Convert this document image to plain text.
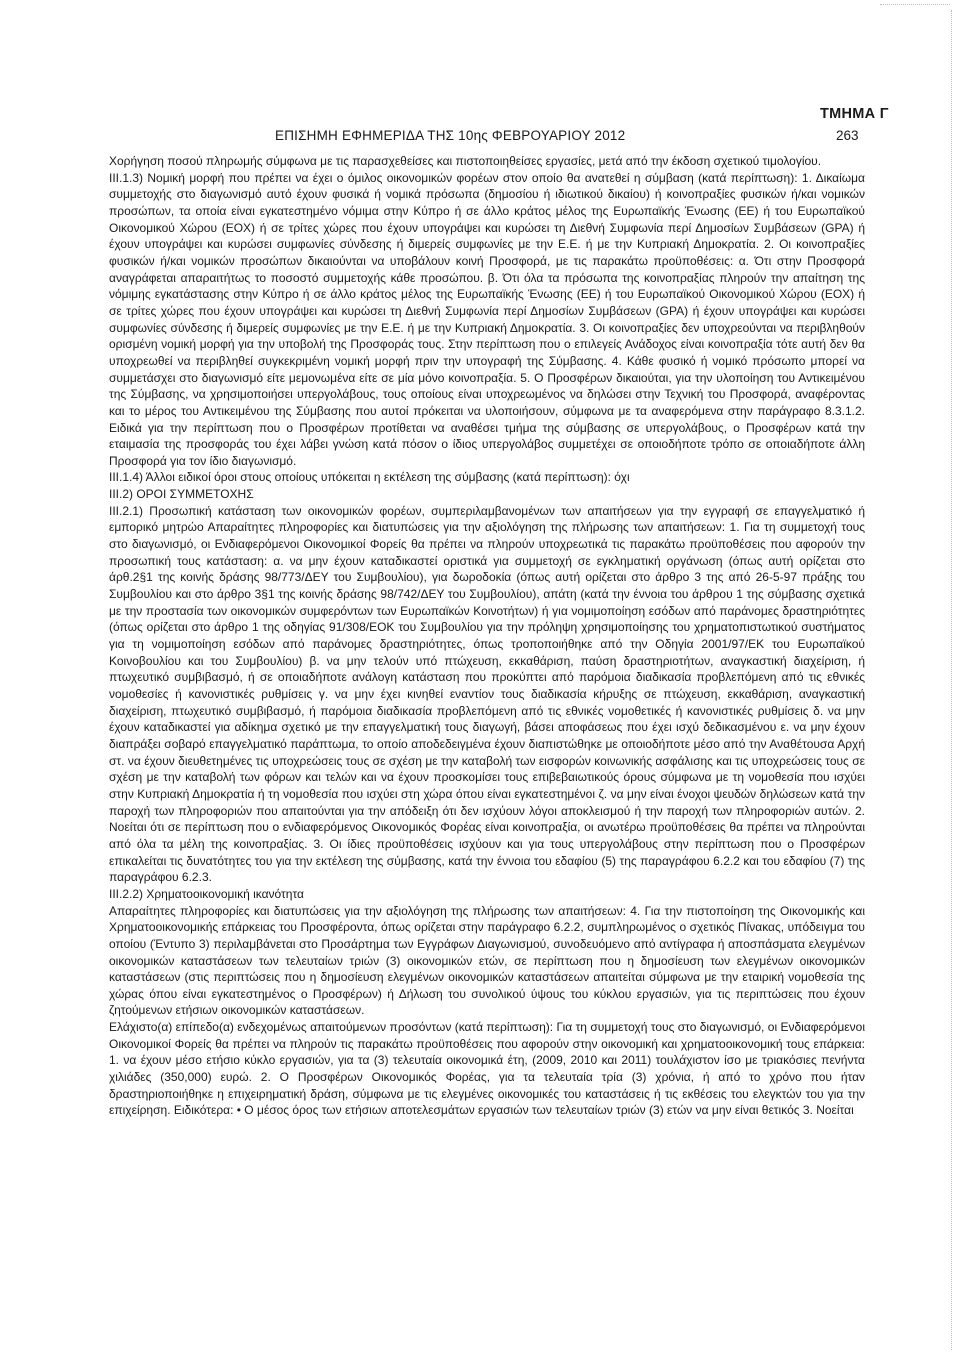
ΤΜΗΜΑ Γ
ΕΠΙΣΗΜΗ ΕΦΗΜΕΡΙΔΑ ΤΗΣ 10ης ΦΕΒΡΟΥΑΡΙΟΥ 2012	263

Χορήγηση ποσού πληρωμής σύμφωνα με τις παρασχεθείσες και πιστοποιηθείσες εργασίες, μετά από την έκδοση σχετικού τιμολογίου.

ΙΙΙ.1.3) Νομική μορφή που πρέπει να έχει ο όμιλος οικονομικών φορέων στον οποίο θα ανατεθεί η σύμβαση (κατά περίπτωση): 1. Δικαίωμα συμμετοχής στο διαγωνισμό αυτό έχουν φυσικά ή νομικά πρόσωπα (δημοσίου ή ιδιωτικού δικαίου) ή κοινοπραξίες φυσικών ή/και νομικών προσώπων, τα οποία είναι εγκατεστημένο νόμιμα στην Κύπρο ή σε άλλο κράτος μέλος της Ευρωπαϊκής Ένωσης (ΕΕ) ή του Ευρωπαϊκού Οικονομικού Χώρου (ΕΟΧ) ή σε τρίτες χώρες που έχουν υπογράψει και κυρώσει τη Διεθνή Συμφωνία περί Δημοσίων Συμβάσεων (GPA) ή έχουν υπογράψει και κυρώσει συμφωνίες σύνδεσης ή διμερείς συμφωνίες με την Ε.Ε. ή με την Κυπριακή Δημοκρατία. 2. Οι κοινοπραξίες φυσικών ή/και νομικών προσώπων δικαιούνται να υποβάλουν κοινή Προσφορά, με τις παρακάτω προϋποθέσεις: α. Ότι στην Προσφορά αναγράφεται απαραιτήτως το ποσοστό συμμετοχής κάθε προσώπου. β. Ότι όλα τα πρόσωπα της κοινοπραξίας πληρούν την απαίτηση της νόμιμης εγκατάστασης στην Κύπρο ή σε άλλο κράτος μέλος της Ευρωπαϊκής Ένωσης (ΕΕ) ή του Ευρωπαϊκού Οικονομικού Χώρου (ΕΟΧ) ή σε τρίτες χώρες που έχουν υπογράψει και κυρώσει τη Διεθνή Συμφωνία περί Δημοσίων Συμβάσεων (GPA) ή έχουν υπογράψει και κυρώσει συμφωνίες σύνδεσης ή διμερείς συμφωνίες με την Ε.Ε. ή με την Κυπριακή Δημοκρατία. 3. Οι κοινοπραξίες δεν υποχρεούνται να περιβληθούν ορισμένη νομική μορφή για την υποβολή της Προσφοράς τους. Στην περίπτωση που ο επιλεγείς Ανάδοχος είναι κοινοπραξία τότε αυτή δεν θα υποχρεωθεί να περιβληθεί συγκεκριμένη νομική μορφή πριν την υπογραφή της Σύμβασης. 4. Κάθε φυσικό ή νομικό πρόσωπο μπορεί να συμμετάσχει στο διαγωνισμό είτε μεμονωμένα είτε σε μία μόνο κοινοπραξία. 5. Ο Προσφέρων δικαιούται, για την υλοποίηση του Αντικειμένου της Σύμβασης, να χρησιμοποιήσει υπεργολάβους, τους οποίους είναι υποχρεωμένος να δηλώσει στην Τεχνική του Προσφορά, αναφέροντας και το μέρος του Αντικειμένου της Σύμβασης που αυτοί πρόκειται να υλοποιήσουν, σύμφωνα με τα αναφερόμενα στην παράγραφο 8.3.1.2. Ειδικά για την περίπτωση που ο Προσφέρων προτίθεται να αναθέσει τμήμα της σύμβασης σε υπεργολάβους, ο Προσφέρων κατά την εταιμασία της προσφοράς του έχει λάβει γνώση κατά πόσον ο ίδιος υπεργολάβος συμμετέχει σε οποιοδήποτε τρόπο σε οποιαδήποτε άλλη Προσφορά για τον ίδιο διαγωνισμό.

ΙΙΙ.1.4) Άλλοι ειδικοί όροι στους οποίους υπόκειται η εκτέλεση της σύμβασης (κατά περίπτωση): όχι

ΙΙΙ.2) ΟΡΟΙ ΣΥΜΜΕΤΟΧΗΣ

ΙΙΙ.2.1) Προσωπική κατάσταση των οικονομικών φορέων, συμπεριλαμβανομένων των απαιτήσεων για την εγγραφή σε επαγγελματικό ή εμπορικό μητρώο Απαραίτητες πληροφορίες και διατυπώσεις για την αξιολόγηση της πλήρωσης των απαιτήσεων: 1. Για τη συμμετοχή τους στο διαγωνισμό, οι Ενδιαφερόμενοι Οικονομικοί Φορείς θα πρέπει να πληρούν υποχρεωτικά τις παρακάτω προϋποθέσεις που αφορούν την προσωπική τους κατάσταση: α. να μην έχουν καταδικαστεί οριστικά για συμμετοχή σε εγκληματική οργάνωση (όπως αυτή ορίζεται στο άρθ.2§1 της κοινής δράσης 98/773/ΔΕΥ του Συμβουλίου), για δωροδοκία (όπως αυτή ορίζεται στο άρθρο 3 της από 26-5-97 πράξης του Συμβουλίου και στο άρθρο 3§1 της κοινής δράσης 98/742/ΔΕΥ του Συμβουλίου), απάτη (κατά την έννοια του άρθρου 1 της σύμβασης σχετικά με την προστασία των οικονομικών συμφερόντων των Ευρωπαϊκών Κοινοτήτων) ή για νομιμοποίηση εσόδων από παράνομες δραστηριότητες (όπως ορίζεται στο άρθρο 1 της οδηγίας 91/308/ΕΟΚ του Συμβουλίου για την πρόληψη χρησιμοποίησης του χρηματοπιστωτικού συστήματος για τη νομιμοποίηση εσόδων από παράνομες δραστηριότητες, όπως τροποποιήθηκε από την Οδηγία 2001/97/ΕΚ του Ευρωπαϊκού Κοινοβουλίου και του Συμβουλίου) β. να μην τελούν υπό πτώχευση, εκκαθάριση, παύση δραστηριοτήτων, αναγκαστική διαχείριση, ή πτωχευτικό συμβιβασμό, ή σε οποιαδήποτε ανάλογη κατάσταση που προκύπτει από παρόμοια διαδικασία προβλεπόμενη από τις εθνικές νομοθεσίες ή κανονιστικές ρυθμίσεις γ. να μην έχει κινηθεί εναντίον τους διαδικασία κήρυξης σε πτώχευση, εκκαθάριση, αναγκαστική διαχείριση, πτωχευτικό συμβιβασμό, ή παρόμοια διαδικασία προβλεπόμενη από τις εθνικές νομοθετικές ή κανονιστικές ρυθμίσεις δ. να μην έχουν καταδικαστεί για αδίκημα σχετικό με την επαγγελματική τους διαγωγή, βάσει αποφάσεως που έχει ισχύ δεδικασμένου ε. να μην έχουν διαπράξει σοβαρό επαγγελματικό παράπτωμα, το οποίο αποδεδειγμένα έχουν διαπιστώθηκε με οποιοδήποτε μέσο από την Αναθέτουσα Αρχή στ. να έχουν διευθετημένες τις υποχρεώσεις τους σε σχέση με την καταβολή των εισφορών κοινωνικής ασφάλισης και τις υποχρεώσεις τους σε σχέση με την καταβολή των φόρων και τελών και να έχουν προσκομίσει τους επιβεβαιωτικούς όρους σύμφωνα με τη νομοθεσία που ισχύει στην Κυπριακή Δημοκρατία ή τη νομοθεσία που ισχύει στη χώρα όπου είναι εγκατεστημένοι ζ. να μην είναι ένοχοι ψευδών δηλώσεων κατά την παροχή των πληροφοριών που απαιτούνται για την απόδειξη ότι δεν ισχύουν λόγοι αποκλεισμού ή την παροχή των πληροφοριών αυτών. 2. Νοείται ότι σε περίπτωση που ο ενδιαφερόμενος Οικονομικός Φορέας είναι κοινοπραξία, οι ανωτέρω προϋποθέσεις θα πρέπει να πληρούνται από όλα τα μέλη της κοινοπραξίας. 3. Οι ίδιες προϋποθέσεις ισχύουν και για τους υπεργολάβους στην περίπτωση που ο Προσφέρων επικαλείται τις δυνατότητες του για την εκτέλεση της σύμβασης, κατά την έννοια του εδαφίου (5) της παραγράφου 6.2.2 και του εδαφίου (7) της παραγράφου 6.2.3.

ΙΙΙ.2.2) Χρηματοοικονομική ικανότητα

Απαραίτητες πληροφορίες και διατυπώσεις για την αξιολόγηση της πλήρωσης των απαιτήσεων: 4. Για την πιστοποίηση της Οικονομικής και Χρηματοοικονομικής επάρκειας του Προσφέροντα, όπως ορίζεται στην παράγραφο 6.2.2, συμπληρωμένος ο σχετικός Πίνακας, υπόδειγμα του οποίου (Έντυπο 3) περιλαμβάνεται στο Προσάρτημα των Εγγράφων Διαγωνισμού, συνοδευόμενο από αντίγραφα ή αποσπάσματα ελεγμένων οικονομικών καταστάσεων των τελευταίων τριών (3) οικονομικών ετών, σε περίπτωση που η δημοσίευση των ελεγμένων οικονομικών καταστάσεων (στις περιπτώσεις που η δημοσίευση ελεγμένων οικονομικών καταστάσεων απαιτείται σύμφωνα με την εταιρική νομοθεσία της χώρας όπου είναι εγκατεστημένος ο Προσφέρων) ή Δήλωση του συνολικού ύψους του κύκλου εργασιών, για τις περιπτώσεις που έχουν ζητούμενων ετήσιων οικονομικών καταστάσεων.

Ελάχιστο(α) επίπεδο(α) ενδεχομένως απαιτούμενων προσόντων (κατά περίπτωση): Για τη συμμετοχή τους στο διαγωνισμό, οι Ενδιαφερόμενοι Οικονομικοί Φορείς θα πρέπει να πληρούν τις παρακάτω προϋποθέσεις που αφορούν στην οικονομική και χρηματοοικονομική τους επάρκεια: 1. να έχουν μέσο ετήσιο κύκλο εργασιών, για τα (3) τελευταία οικονομικά έτη, (2009, 2010 και 2011) τουλάχιστον ίσο με τριακόσιες πενήντα χιλιάδες (350,000) ευρώ. 2. Ο Προσφέρων Οικονομικός Φορέας, για τα τελευταία τρία (3) χρόνια, ή από το χρόνο που ήταν δραστηριοποιήθηκε η επιχειρηματική δράση, σύμφωνα με τις ελεγμένες οικονομικές του καταστάσεις ή τις εκθέσεις του ελεγκτών του για την επιχείρηση. Ειδικότερα: • Ο μέσος όρος των ετήσιων αποτελεσμάτων εργασιών των τελευταίων τριών (3) ετών να μην είναι θετικός 3. Νοείται
